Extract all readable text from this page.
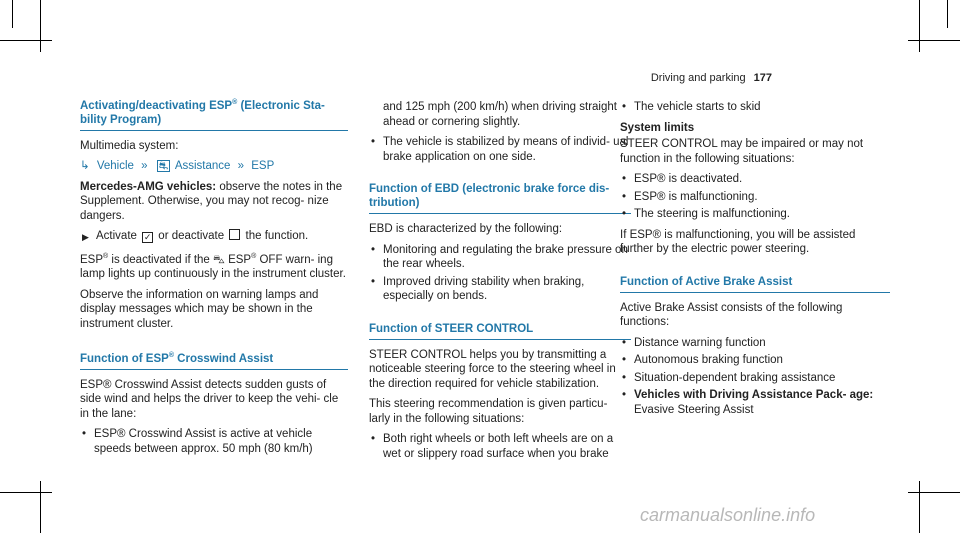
Driving and parking 177
Activating/deactivating ESP® (Electronic Sta- bility Program)

Multimedia system:

↳ Vehicle » ⛐ Assistance » ESP

Mercedes-AMG vehicles: observe the notes in the Supplement. Otherwise, you may not recog- nize dangers.

▶ Activate ✓ or deactivate  the function.

ESP® is deactivated if the ⛍ ESP® OFF warn- ing lamp lights up continuously in the instrument cluster.

Observe the information on warning lamps and display messages which may be shown in the instrument cluster.

Function of ESP® Crosswind Assist

ESP® Crosswind Assist detects sudden gusts of side wind and helps the driver to keep the vehi- cle in the lane:

• ESP® Crosswind Assist is active at vehicle speeds between approx. 50 mph (80 km/h)

and 125 mph (200 km/h) when driving straight ahead or cornering slightly.

• The vehicle is stabilized by means of individ- ual brake application on one side.
Function of EBD (electronic brake force dis- tribution)

EBD is characterized by the following:

• Monitoring and regulating the brake pressure on the rear wheels.
• Improved driving stability when braking, especially on bends.
Function of STEER CONTROL

STEER CONTROL helps you by transmitting a noticeable steering force to the steering wheel in the direction required for vehicle stabilization.

This steering recommendation is given particu- larly in the following situations:

• Both right wheels or both left wheels are on a wet or slippery road surface when you brake
• The vehicle starts to skid

System limits

STEER CONTROL may be impaired or may not function in the following situations:

• ESP® is deactivated.
• ESP® is malfunctioning.
• The steering is malfunctioning.

If ESP® is malfunctioning, you will be assisted further by the electric power steering.

Function of Active Brake Assist

Active Brake Assist consists of the following functions:

• Distance warning function
• Autonomous braking function
• Situation-dependent braking assistance
• Vehicles with Driving Assistance Pack- age: Evasive Steering Assist
carmanualsonline.info
